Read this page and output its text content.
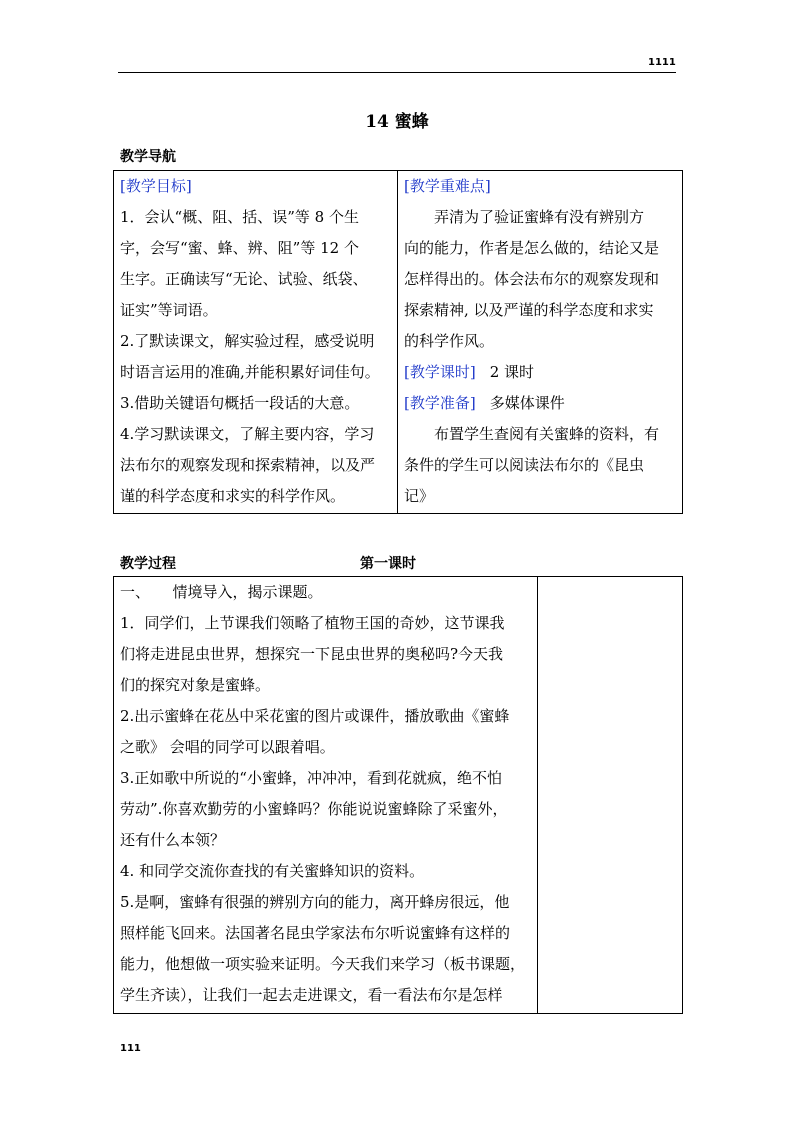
1111
14 蜜蜂
教学导航
[教学目标]
1．会认“概、阻、括、误”等 8 个生
字，会写“蜜、蜂、辨、阻”等 12 个
生字。正确读写“无论、试验、纸袋、
证实”等词语。
2.了默读课文，解实验过程，感受说明
时语言运用的准确,并能积累好词佳句。
3.借助关键语句概括一段话的大意。
4.学习默读课文，了解主要内容，学习
法布尔的观察发现和探索精神，以及严
谨的科学态度和求实的科学作风。

[教学重难点]
弄清为了验证蜜蜂有没有辨别方
向的能力，作者是怎么做的，结论又是
怎样得出的。体会法布尔的观察发现和
探索精神, 以及严谨的科学态度和求实
的科学作风。
[教学课时] 2 课时
[教学准备] 多媒体课件
布置学生查阅有关蜜蜂的资料，有
条件的学生可以阅读法布尔的《昆虫
记》
教学过程	第一课时
一、　　情境导入，揭示课题。
1．同学们，上节课我们领略了植物王国的奇妙，这节课我
们将走进昆虫世界，想探究一下昆虫世界的奥秘吗?今天我
们的探究对象是蜜蜂。
2.出示蜜蜂在花丛中采花蜜的图片或课件，播放歌曲《蜜蜂
之歌》 会唱的同学可以跟着唱。
3.正如歌中所说的“小蜜蜂，冲冲冲，看到花就疯，绝不怕
劳动”.你喜欢勤劳的小蜜蜂吗？你能说说蜜蜂除了采蜜外，
还有什么本领？
4. 和同学交流你查找的有关蜜蜂知识的资料。
5.是啊，蜜蜂有很强的辨别方向的能力，离开蜂房很远，他
照样能飞回来。法国著名昆虫学家法布尔听说蜜蜂有这样的
能力，他想做一项实验来证明。今天我们来学习（板书课题，
学生齐读），让我们一起去走进课文，看一看法布尔是怎样

111
